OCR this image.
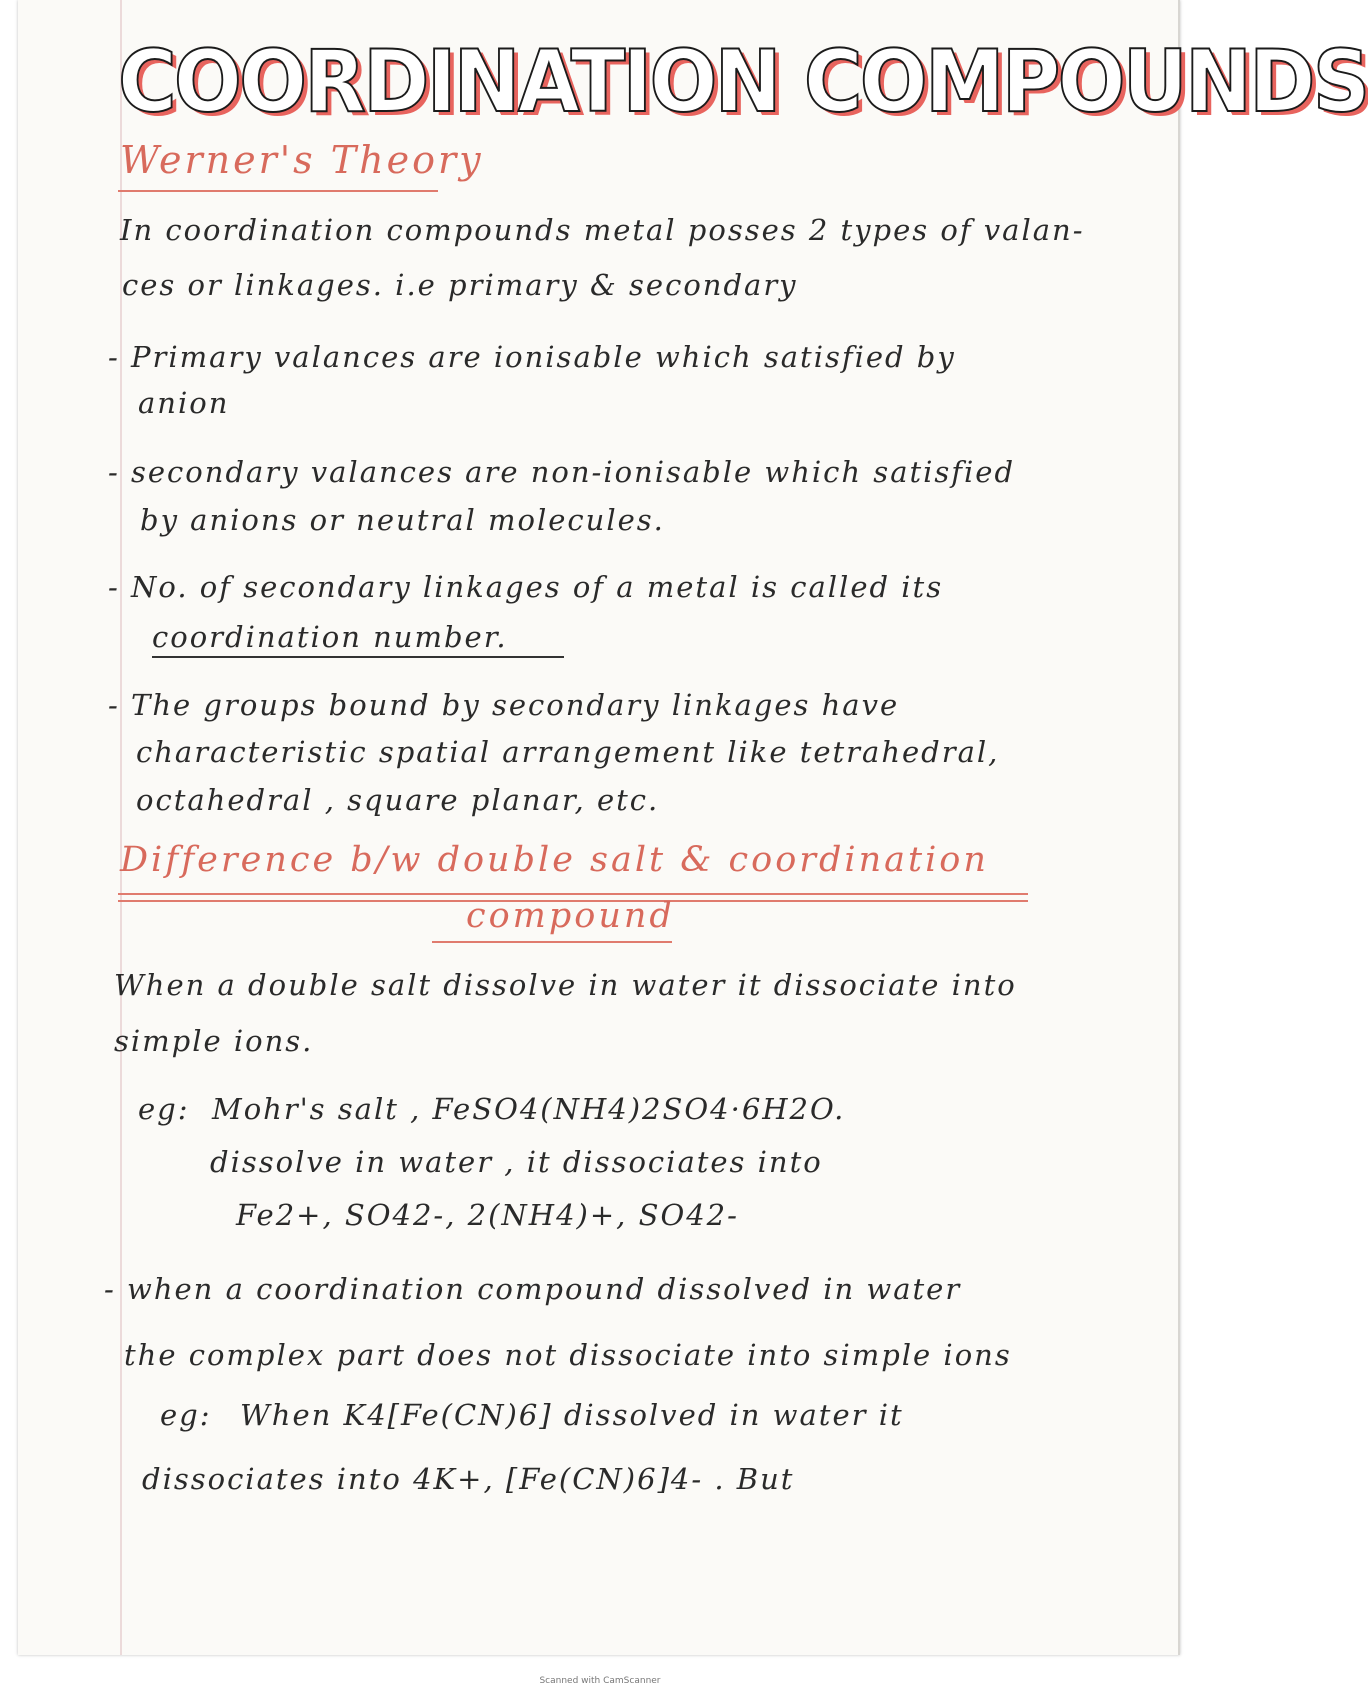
COORDINATION COMPOUNDS
Werner's Theory
In coordination compounds metal posses 2 types of valan-
ces or linkages. i.e primary & secondary
- Primary valances are ionisable which satisfied by
anion
- secondary valances are non-ionisable which satisfied
by anions or neutral molecules.
- No. of secondary linkages of a metal is called its
coordination number.
- The groups bound by secondary linkages have
characteristic spatial arrangement like tetrahedral,
octahedral , square planar, etc.
Difference b/w double salt & coordination
compound
When a double salt dissolve in water it dissociate into
simple ions.
eg: Mohr's salt , FeSO4(NH4)2SO4·6H2O.
dissolve in water , it dissociates into
Fe2+, SO42-, 2(NH4)+, SO42-
- when a coordination compound dissolved in water
the complex part does not dissociate into simple ions
eg: When K4[Fe(CN)6] dissolved in water it
dissociates into 4K+, [Fe(CN)6]4- . But
Scanned with CamScanner
